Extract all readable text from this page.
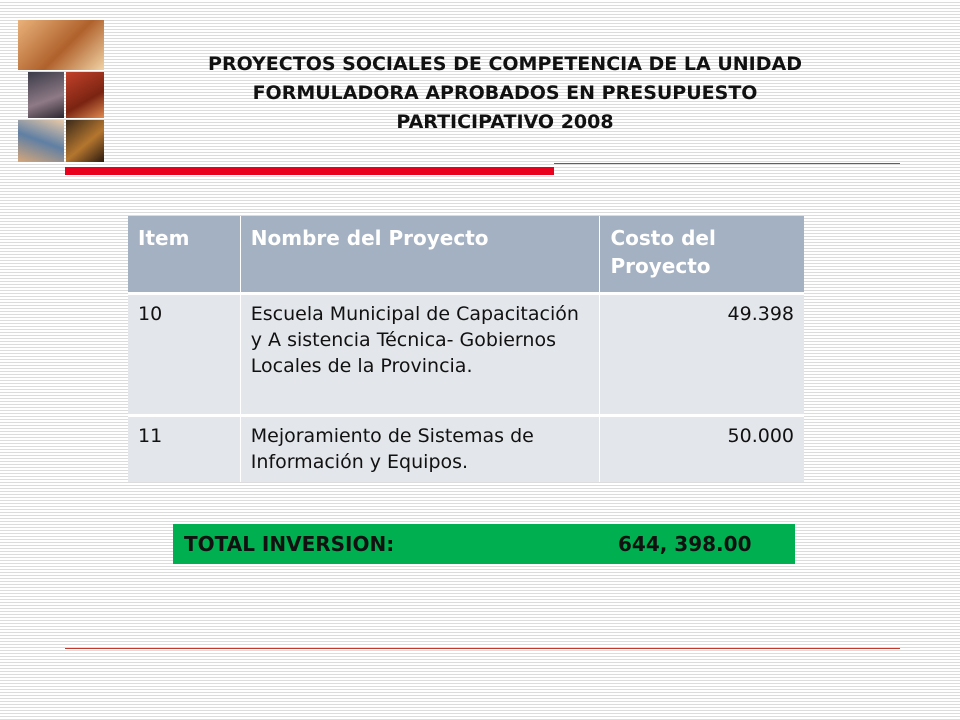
PROYECTOS SOCIALES DE COMPETENCIA DE LA UNIDAD
FORMULADORA APROBADOS EN PRESUPUESTO
PARTICIPATIVO 2008
Item	Nombre del Proyecto	Costo del Proyecto
10	Escuela Municipal de Capacitación y A sistencia Técnica- Gobiernos Locales de la Provincia.	49.398
11	Mejoramiento de Sistemas de Información y Equipos.	50.000
TOTAL INVERSION:	644, 398.00
